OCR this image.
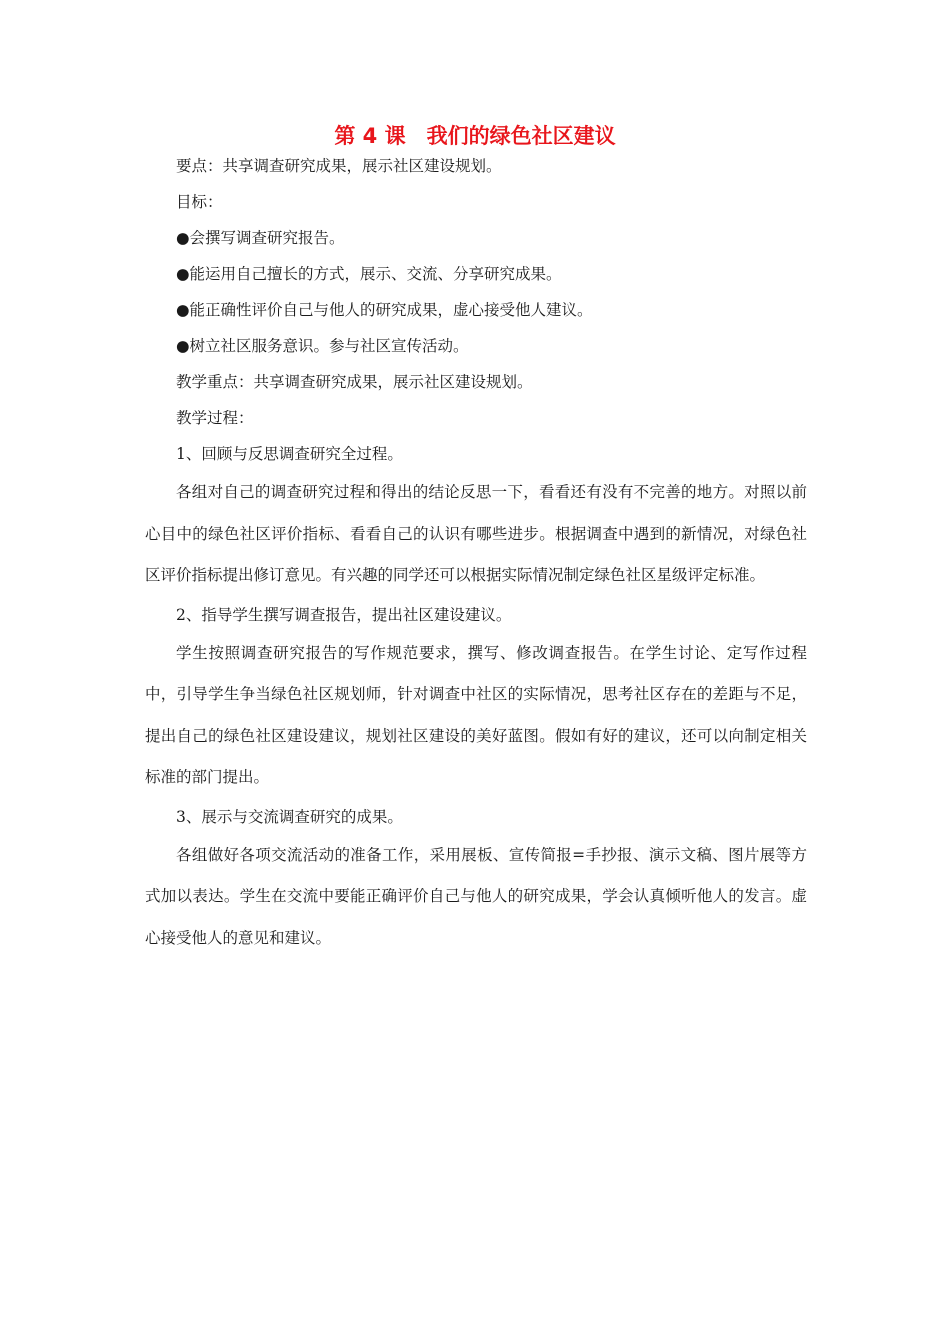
第 4 课　我们的绿色社区建议

要点：共享调查研究成果，展示社区建设规划。

目标：

●会撰写调查研究报告。

●能运用自己擅长的方式，展示、交流、分享研究成果。

●能正确性评价自己与他人的研究成果，虚心接受他人建议。

●树立社区服务意识。参与社区宣传活动。

教学重点：共享调查研究成果，展示社区建设规划。

教学过程：

1、回顾与反思调查研究全过程。

各组对自己的调查研究过程和得出的结论反思一下，看看还有没有不完善的地方。对照以前心目中的绿色社区评价指标、看看自己的认识有哪些进步。根据调查中遇到的新情况，对绿色社区评价指标提出修订意见。有兴趣的同学还可以根据实际情况制定绿色社区星级评定标准。

2、指导学生撰写调查报告，提出社区建设建议。

学生按照调查研究报告的写作规范要求，撰写、修改调查报告。在学生讨论、定写作过程中，引导学生争当绿色社区规划师，针对调查中社区的实际情况，思考社区存在的差距与不足，提出自己的绿色社区建设建议，规划社区建设的美好蓝图。假如有好的建议，还可以向制定相关标准的部门提出。

3、展示与交流调查研究的成果。

各组做好各项交流活动的准备工作，采用展板、宣传简报=手抄报、演示文稿、图片展等方式加以表达。学生在交流中要能正确评价自己与他人的研究成果，学会认真倾听他人的发言。虚心接受他人的意见和建议。
